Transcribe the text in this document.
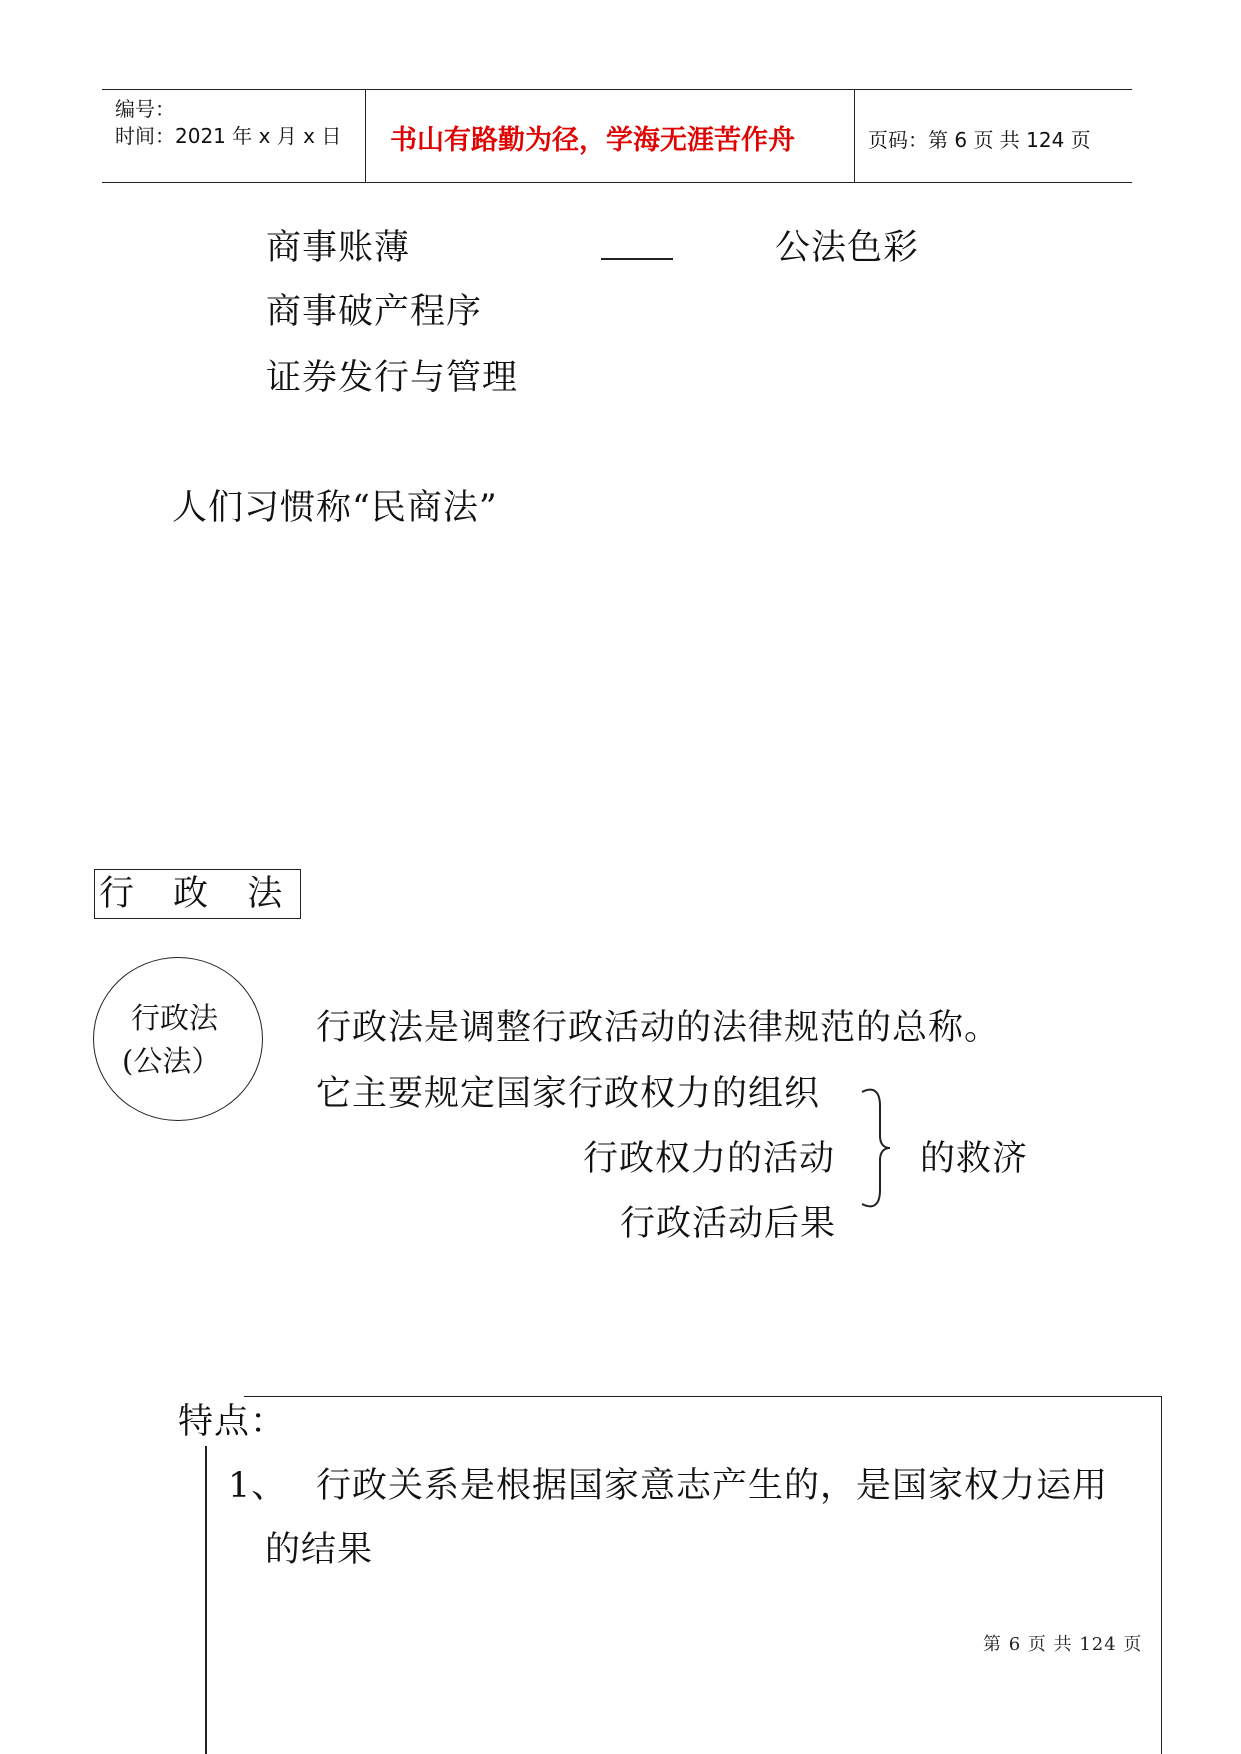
编号：
时间：2021 年 x 月 x 日 书山有路勤为径，学海无涯苦作舟	页码：第 6 页 共 124 页
商事账薄	公法色彩
商事破产程序
证券发行与管理
人们习惯称“民商法”
行 政 法
行政法
(公法）
行政法是调整行政活动的法律规范的总称。
它主要规定国家行政权力的组织
行政权力的活动
行政活动后果
的救济
特点：
1、 行政关系是根据国家意志产生的，是国家权力运用
的结果
第 6 页 共 124 页
